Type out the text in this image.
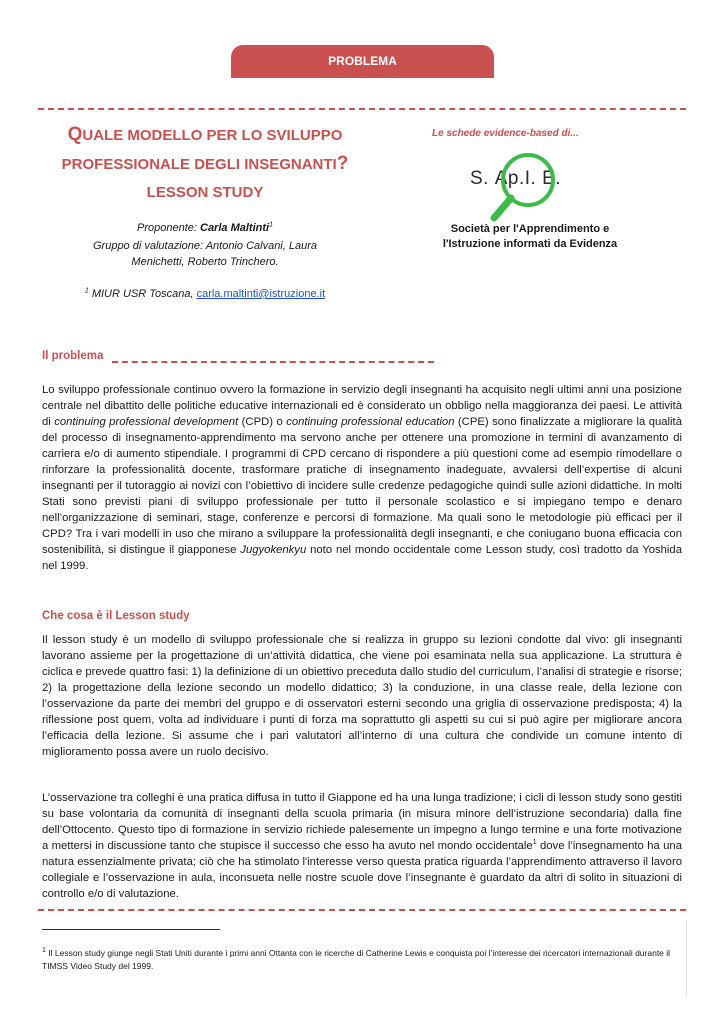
PROBLEMA
QUALE MODELLO PER LO SVILUPPO
PROFESSIONALE DEGLI INSEGNANTI?
LESSON STUDY
Proponente: Carla Maltinti$^1$
Gruppo di valutazione: Antonio Calvani, Laura
Menichetti, Roberto Trinchero.
$^1$ MIUR USR Toscana, carla.maltinti@istruzione.it
Le schede evidence-based di...
S. Ap.I. E.
Società per l'Apprendimento e
l'Istruzione informati da Evidenza
Il problema
Lo sviluppo professionale continuo ovvero la formazione in servizio degli insegnanti ha acquisito negli ultimi anni una posizione centrale nel dibattito delle politiche educative internazionali ed è considerato un obbligo nella maggioranza dei paesi. Le attività di continuing professional development (CPD) o continuing professional education (CPE) sono finalizzate a migliorare la qualità del processo di insegnamento-apprendimento ma servono anche per ottenere una promozione in termini di avanzamento di carriera e/o di aumento stipendiale. I programmi di CPD cercano di rispondere a più questioni come ad esempio rimodellare o rinforzare la professionalità docente, trasformare pratiche di insegnamento inadeguate, avvalersi dell’expertise di alcuni insegnanti per il tutoraggio ai novizi con l’obiettivo di incidere sulle credenze pedagogiche quindi sulle azioni didattiche. In molti Stati sono previsti piani di sviluppo professionale per tutto il personale scolastico e si impiegano tempo e denaro nell’organizzazione di seminari, stage, conferenze e percorsi di formazione. Ma quali sono le metodologie più efficaci per il CPD? Tra i vari modelli in uso che mirano a sviluppare la professionalità degli insegnanti, e che coniugano buona efficacia con sostenibilità, si distingue il giapponese Jugyokenkyu noto nel mondo occidentale come Lesson study, così tradotto da Yoshida nel 1999.
Che cosa è il Lesson study
Il lesson study è un modello di sviluppo professionale che si realizza in gruppo su lezioni condotte dal vivo: gli insegnanti lavorano assieme per la progettazione di un’attività didattica, che viene poi esaminata nella sua applicazione. La struttura è ciclica e prevede quattro fasi: 1) la definizione di un obiettivo preceduta dallo studio del curriculum, l’analisi di strategie e risorse; 2) la progettazione della lezione secondo un modello didattico; 3) la conduzione, in una classe reale, della lezione con l’osservazione da parte dei membri del gruppo e di osservatori esterni secondo una griglia di osservazione predisposta; 4) la riflessione post quem, volta ad individuare i punti di forza ma soprattutto gli aspetti su cui si può agire per migliorare ancora l’efficacia della lezione. Si assume che i pari valutatori all’interno di una cultura che condivide un comune intento di miglioramento possa avere un ruolo decisivo.
L’osservazione tra colleghi è una pratica diffusa in tutto il Giappone ed ha una lunga tradizione; i cicli di lesson study sono gestiti su base volontaria da comunità di insegnanti della scuola primaria (in misura minore dell’istruzione secondaria) dalla fine dell’Ottocento. Questo tipo di formazione in servizio richiede palesemente un impegno a lungo termine e una forte motivazione a mettersi in discussione tanto che stupisce il successo che esso ha avuto nel mondo occidentale$^1$ dove l’insegnamento ha una natura essenzialmente privata; ciò che ha stimolato l'interesse verso questa pratica riguarda l’apprendimento attraverso il lavoro collegiale e l’osservazione in aula, inconsueta nelle nostre scuole dove l’insegnante è guardato da altri di solito in situazioni di controllo e/o di valutazione.
$^1$ Il Lesson study giunge negli Stati Uniti durante i primi anni Ottanta con le ricerche di Catherine Lewis e conquista poi l’interesse dei ricercatori internazionali durante il TIMSS Video Study del 1999.
